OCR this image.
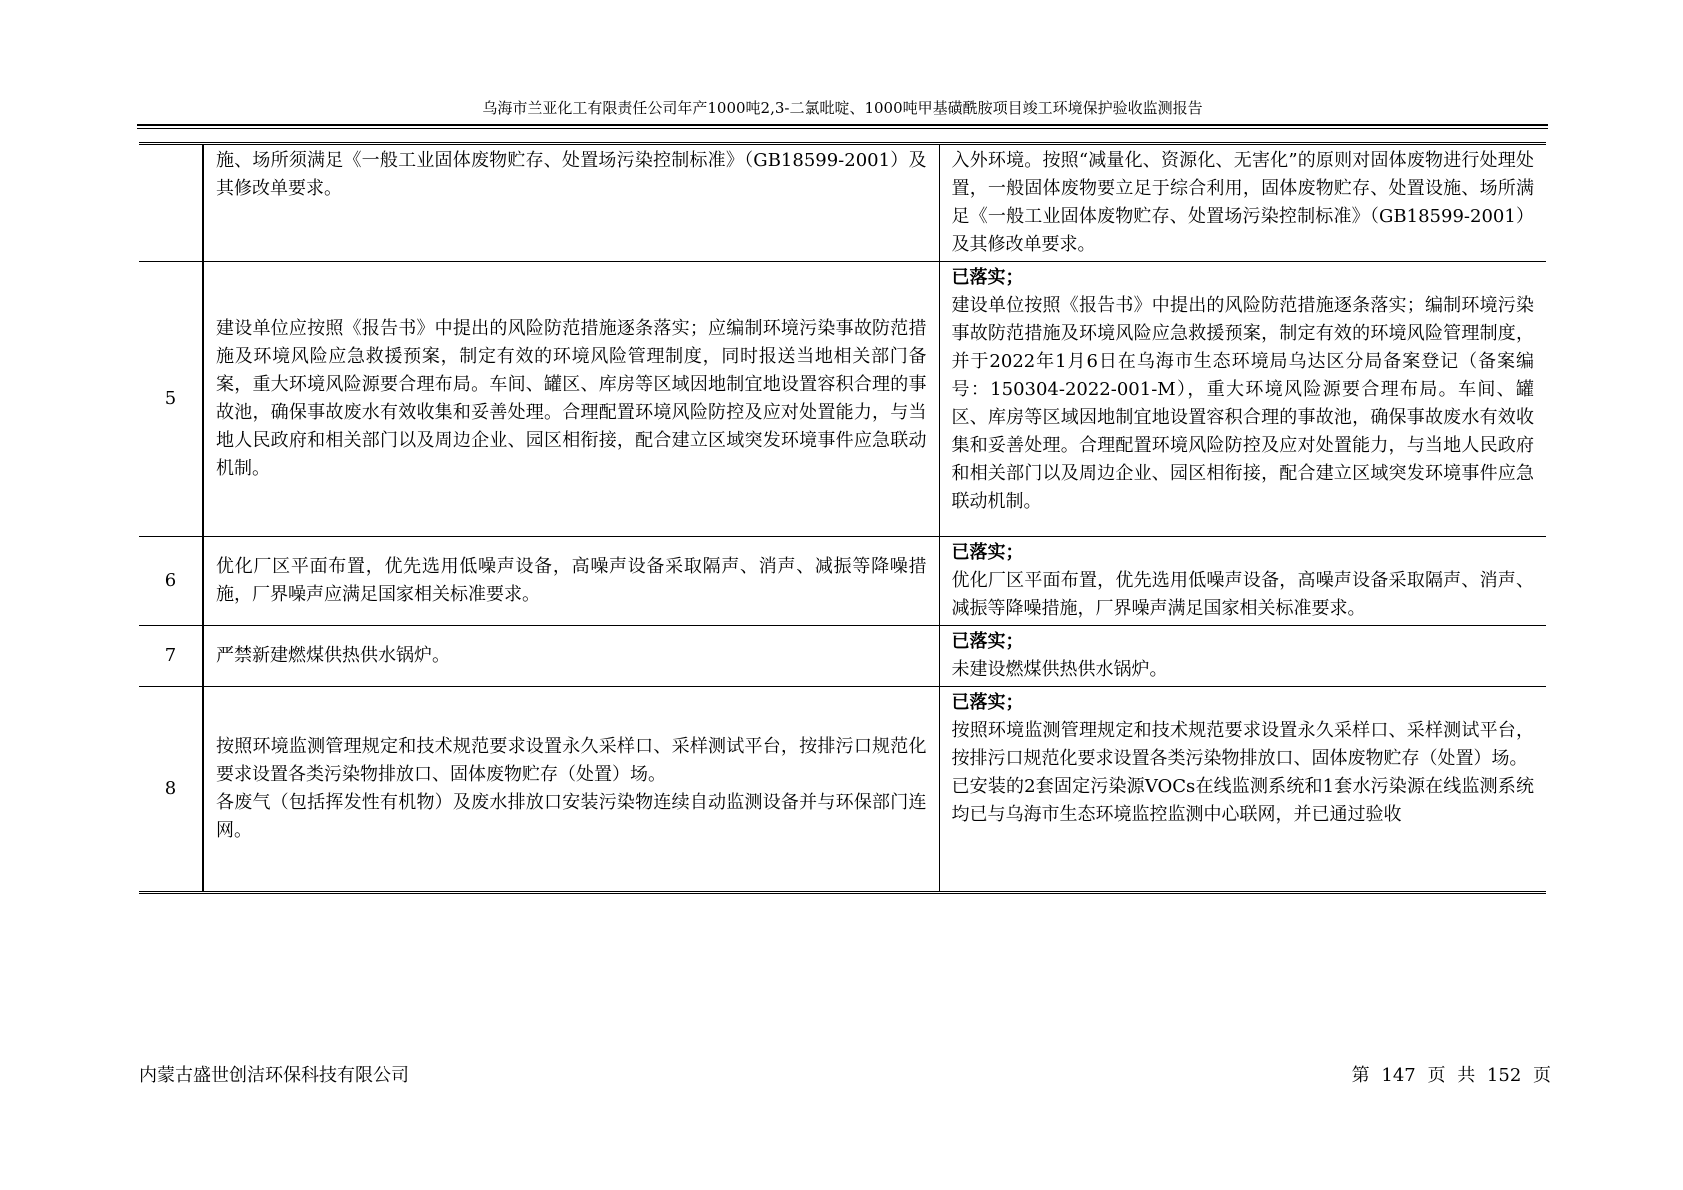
乌海市兰亚化工有限责任公司年产1000吨2,3-二氯吡啶、1000吨甲基磺酰胺项目竣工环境保护验收监测报告

	施、场所须满足《一般工业固体废物贮存、处置场污染控制标准》（GB18599-2001）及其修改单要求。	入外环境。按照“减量化、资源化、无害化”的原则对固体废物进行处理处置，一般固体废物要立足于综合利用，固体废物贮存、处置设施、场所满足《一般工业固体废物贮存、处置场污染控制标准》（GB18599-2001）及其修改单要求。

5	建设单位应按照《报告书》中提出的风险防范措施逐条落实；应编制环境污染事故防范措施及环境风险应急救援预案，制定有效的环境风险管理制度，同时报送当地相关部门备案，重大环境风险源要合理布局。车间、罐区、库房等区域因地制宜地设置容积合理的事故池，确保事故废水有效收集和妥善处理。合理配置环境风险防控及应对处置能力，与当地人民政府和相关部门以及周边企业、园区相衔接，配合建立区域突发环境事件应急联动机制。	已落实；
建设单位按照《报告书》中提出的风险防范措施逐条落实；编制环境污染事故防范措施及环境风险应急救援预案，制定有效的环境风险管理制度，并于2022年1月6日在乌海市生态环境局乌达区分局备案登记（备案编号：150304-2022-001-M），重大环境风险源要合理布局。车间、罐区、库房等区域因地制宜地设置容积合理的事故池，确保事故废水有效收集和妥善处理。合理配置环境风险防控及应对处置能力，与当地人民政府和相关部门以及周边企业、园区相衔接，配合建立区域突发环境事件应急联动机制。

6	优化厂区平面布置，优先选用低噪声设备，高噪声设备采取隔声、消声、减振等降噪措施，厂界噪声应满足国家相关标准要求。	已落实；
优化厂区平面布置，优先选用低噪声设备，高噪声设备采取隔声、消声、减振等降噪措施，厂界噪声满足国家相关标准要求。

7	严禁新建燃煤供热供水锅炉。	已落实；
未建设燃煤供热供水锅炉。

8	按照环境监测管理规定和技术规范要求设置永久采样口、采样测试平台，按排污口规范化要求设置各类污染物排放口、固体废物贮存（处置）场。
各废气（包括挥发性有机物）及废水排放口安装污染物连续自动监测设备并与环保部门连网。	已落实；
按照环境监测管理规定和技术规范要求设置永久采样口、采样测试平台，按排污口规范化要求设置各类污染物排放口、固体废物贮存（处置）场。
已安装的2套固定污染源VOCs在线监测系统和1套水污染源在线监测系统均已与乌海市生态环境监控监测中心联网，并已通过验收
内蒙古盛世创洁环保科技有限公司	第 147 页 共 152 页
